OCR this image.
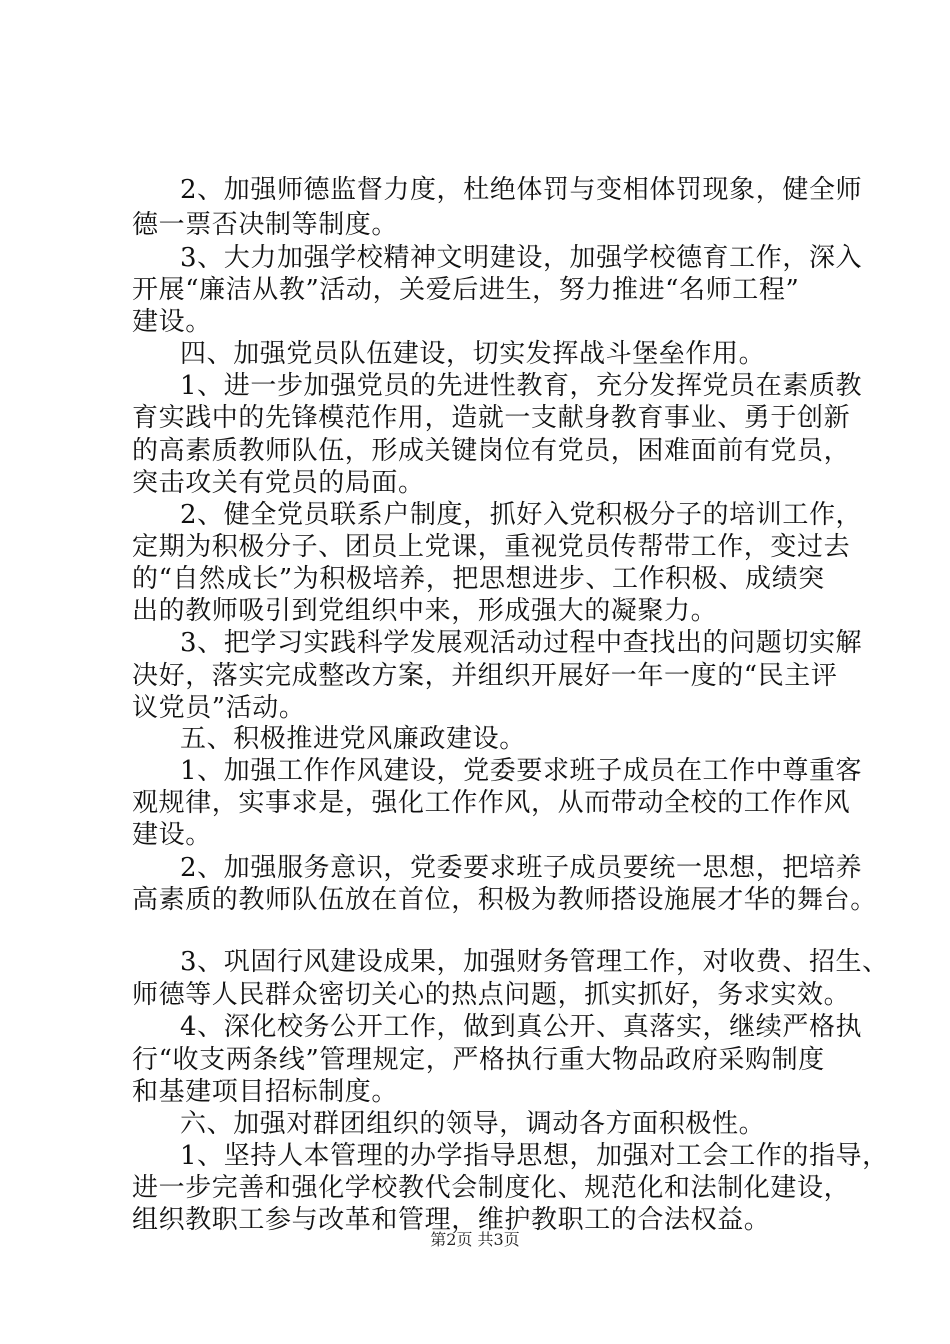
2、加强师德监督力度，杜绝体罚与变相体罚现象，健全师
德一票否决制等制度。
3、大力加强学校精神文明建设，加强学校德育工作，深入
开展“廉洁从教”活动，关爱后进生，努力推进“名师工程”
建设。
四、加强党员队伍建设，切实发挥战斗堡垒作用。
1、进一步加强党员的先进性教育，充分发挥党员在素质教
育实践中的先锋模范作用，造就一支献身教育事业、勇于创新
的高素质教师队伍，形成关键岗位有党员，困难面前有党员，
突击攻关有党员的局面。
2、健全党员联系户制度，抓好入党积极分子的培训工作，
定期为积极分子、团员上党课，重视党员传帮带工作，变过去
的“自然成长”为积极培养，把思想进步、工作积极、成绩突
出的教师吸引到党组织中来，形成强大的凝聚力。
3、把学习实践科学发展观活动过程中查找出的问题切实解
决好，落实完成整改方案，并组织开展好一年一度的“民主评
议党员”活动。
五、积极推进党风廉政建设。
1、加强工作作风建设，党委要求班子成员在工作中尊重客
观规律，实事求是，强化工作作风，从而带动全校的工作作风
建设。
2、加强服务意识，党委要求班子成员要统一思想，把培养
高素质的教师队伍放在首位，积极为教师搭设施展才华的舞台。
3、巩固行风建设成果，加强财务管理工作，对收费、招生、
师德等人民群众密切关心的热点问题，抓实抓好，务求实效。
4、深化校务公开工作，做到真公开、真落实，继续严格执
行“收支两条线”管理规定，严格执行重大物品政府采购制度
和基建项目招标制度。
六、加强对群团组织的领导，调动各方面积极性。
1、坚持人本管理的办学指导思想，加强对工会工作的指导，
进一步完善和强化学校教代会制度化、规范化和法制化建设，
组织教职工参与改革和管理，维护教职工的合法权益。
第2页 共3页
